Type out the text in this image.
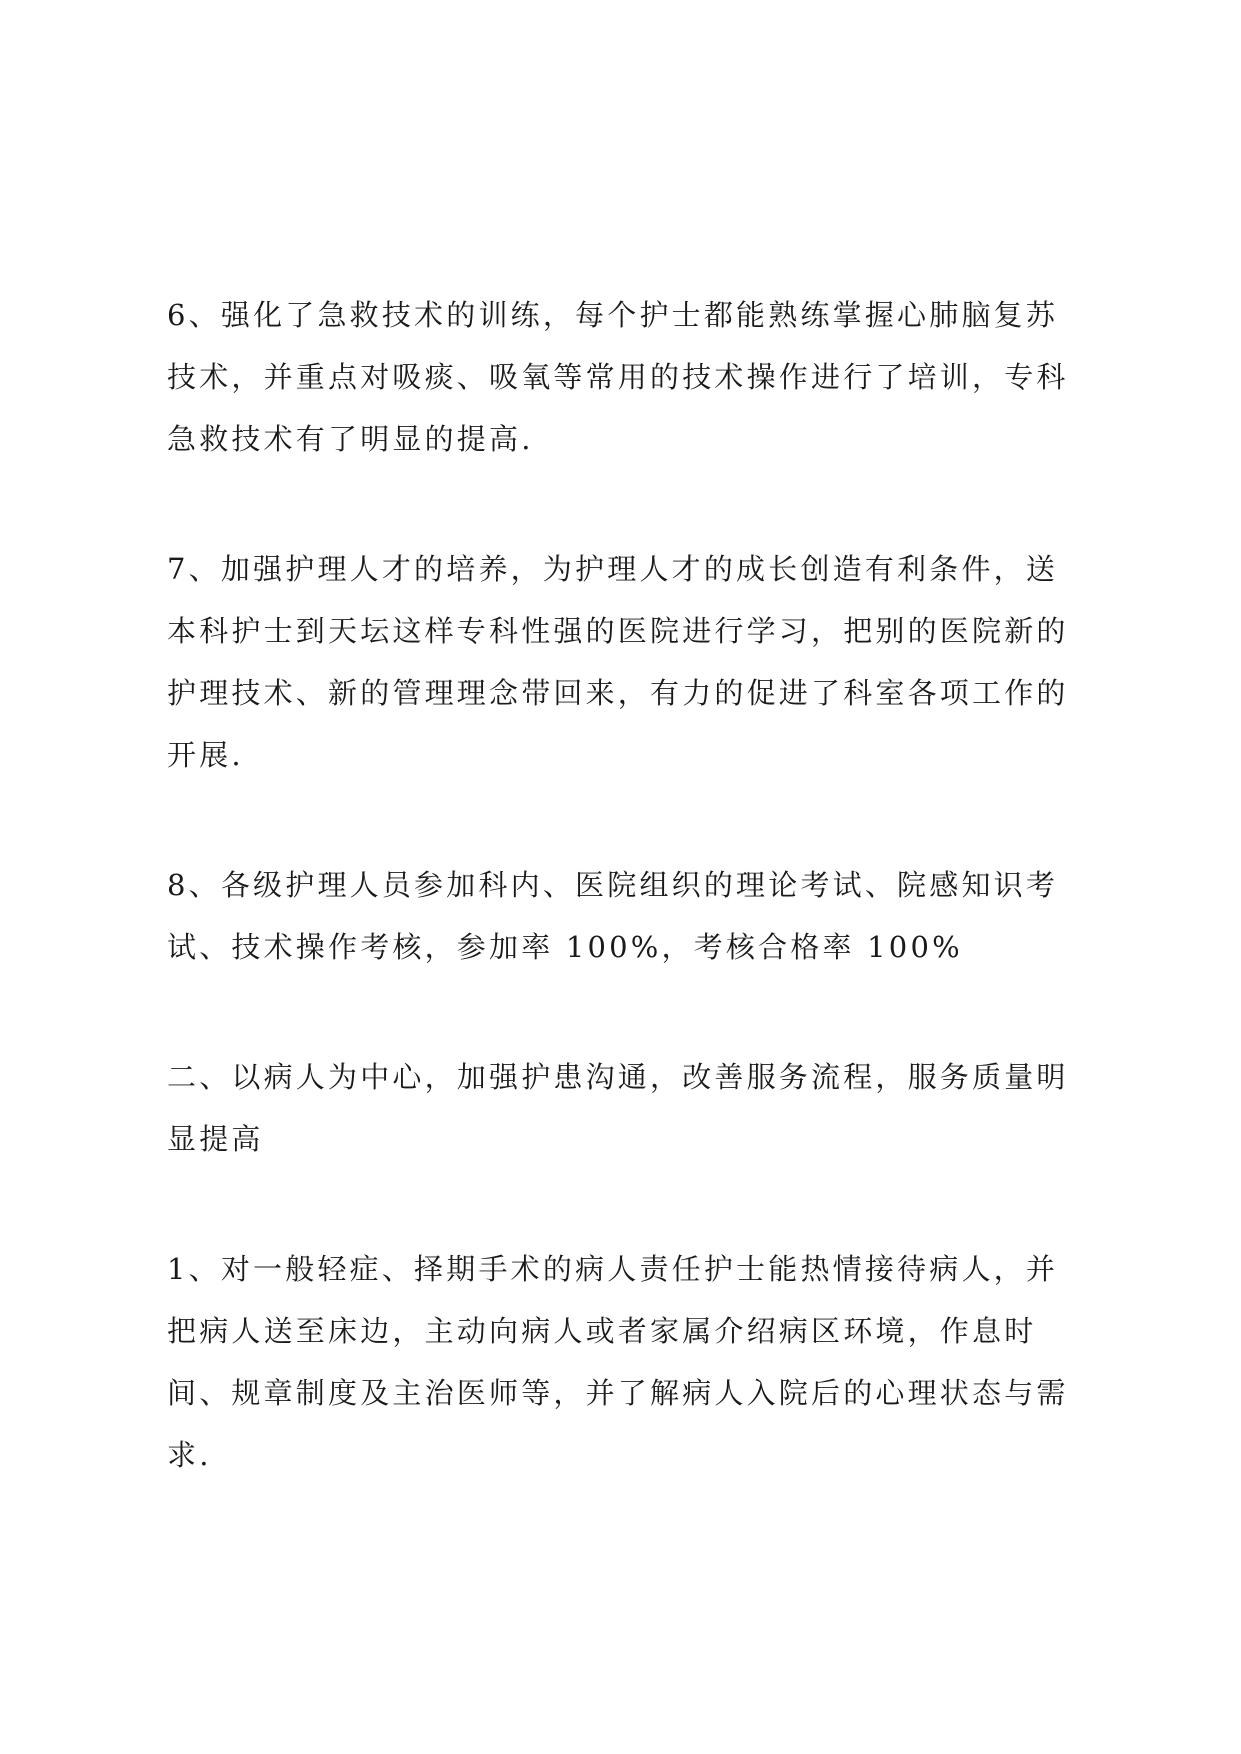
6、强化了急救技术的训练，每个护士都能熟练掌握心肺脑复苏
技术，并重点对吸痰、吸氧等常用的技术操作进行了培训，专科
急救技术有了明显的提高.

7、加强护理人才的培养，为护理人才的成长创造有利条件，送
本科护士到天坛这样专科性强的医院进行学习，把别的医院新的
护理技术、新的管理理念带回来，有力的促进了科室各项工作的
开展.

8、各级护理人员参加科内、医院组织的理论考试、院感知识考
试、技术操作考核，参加率 100%，考核合格率 100%

二、以病人为中心，加强护患沟通，改善服务流程，服务质量明
显提高

1、对一般轻症、择期手术的病人责任护士能热情接待病人，并
把病人送至床边，主动向病人或者家属介绍病区环境，作息时
间、规章制度及主治医师等，并了解病人入院后的心理状态与需
求.
